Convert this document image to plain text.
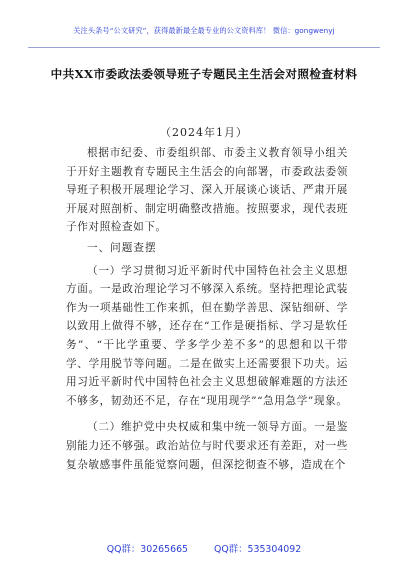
关注头条号“公文研究”，获得最新最全最专业的公文资料库！ 微信：gongwenyj
中共XX市委政法委领导班子专题民主生活会对照检查材料
（2024年1月）

根据市纪委、市委组织部、市委主义教育领导小组关于开好主题教育专题民主生活会的向部署，市委政法委领导班子积极开展理论学习、深入开展谈心谈话、严肃开展开展对照剖析、制定明确整改措施。按照要求，现代表班子作对照检查如下。

一、问题查摆

（一）学习贯彻习近平新时代中国特色社会主义思想方面。一是政治理论学习不够深入系统。坚持把理论武装作为一项基础性工作来抓，但在勤学善思、深钻细研、学以致用上做得不够，还存在“工作是硬指标、学习是软任务”、“干比学重要、学多学少差不多”的思想和以干带学、学用脱节等问题。二是在做实上还需要狠下功夫。运用习近平新时代中国特色社会主义思想破解难题的方法还不够多，韧劲还不足，存在“现用现学”“急用急学”现象。

（二）维护党中央权威和集中统一领导方面。一是鉴别能力还不够强。政治站位与时代要求还有差距，对一些复杂敏感事件虽能觉察问题，但深挖彻查不够，造成在个

QQ群：30265665	QQ群：535304092
